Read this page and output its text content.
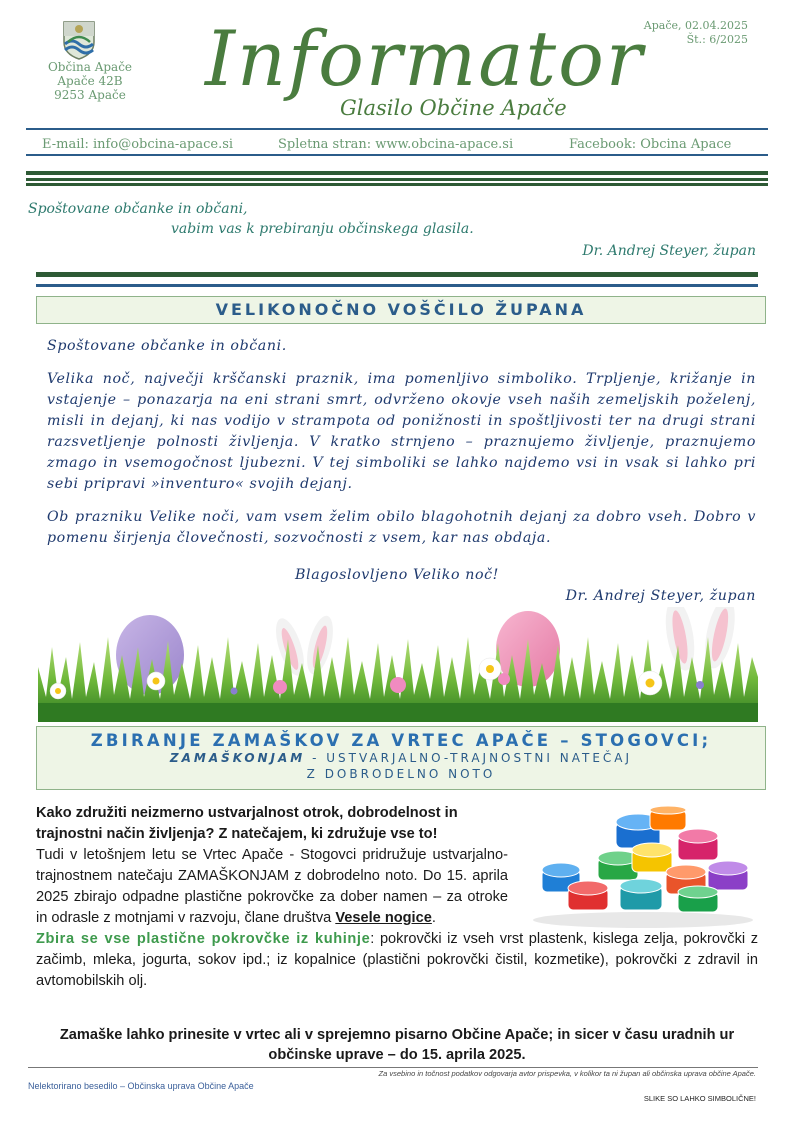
Občina Apače
Apače 42B
9253 Apače
Apače, 02.04.2025
Št.: 6/2025
Informator
Glasilo Občine Apače
E-mail: info@obcina-apace.si	Spletna stran: www.obcina-apace.si	Facebook: Obcina Apace
Spoštovane občanke in občani,
vabim vas k prebiranju občinskega glasila.
Dr. Andrej Steyer, župan
VELIKONOČNO VOŠČILO ŽUPANA

Spoštovane občanke in občani.

Velika noč, največji krščanski praznik, ima pomenljivo simboliko. Trpljenje, križanje in vstajenje – ponazarja na eni strani smrt, odvrženo okovje vseh naših zemeljskih poželenj, misli in dejanj, ki nas vodijo v strampota od ponižnosti in spoštljivosti ter na drugi strani razsvetljenje polnosti življenja. V kratko strnjeno – praznujemo življenje, praznujemo zmago in vsemogočnost ljubezni. V tej simboliki se lahko najdemo vsi in vsak si lahko pri sebi pripravi »inventuro« svojih dejanj.

Ob prazniku Velike noči, vam vsem želim obilo blagohotnih dejanj za dobro vseh. Dobro v pomenu širjenja človečnosti, sozvočnosti z vsem, kar nas obdaja.

Blagoslovljeno Veliko noč!
Dr. Andrej Steyer, župan
ZBIRANJE ZAMAŠKOV ZA VRTEC APAČE – STOGOVCI;
ZAMAŠKONJAM - USTVARJALNO-TRAJNOSTNI NATEČAJ
Z DOBRODELNO NOTO
Kako združiti neizmerno ustvarjalnost otrok, dobrodelnost in trajnostni način življenja? Z natečajem, ki združuje vse to!
Tudi v letošnjem letu se Vrtec Apače - Stogovci pridružuje ustvarjalno-trajnostnem natečaju ZAMAŠKONJAM z dobrodelno noto. Do 15. aprila 2025 zbirajo odpadne plastične pokrovčke za dober namen – za otroke in odrasle z motnjami v razvoju, člane društva Vesele nogice.
Zbira se vse plastične pokrovčke iz kuhinje: pokrovčki iz vseh vrst plastenk, kislega zelja, pokrovčki z začimb, mleka, jogurta, sokov ipd.; iz kopalnice (plastični pokrovčki čistil, kozmetike), pokrovčki z zdravil in avtomobilskih olj.
Zamaške lahko prinesite v vrtec ali v sprejemno pisarno Občine Apače; in sicer v času uradnih ur občinske uprave – do 15. aprila 2025.
Za vsebino in točnost podatkov odgovarja avtor prispevka, v kolikor ta ni župan ali občinska uprava občine Apače.
Nelektorirano besedilo – Občinska uprava Občine Apače
SLIKE SO LAHKO SIMBOLIČNE!
